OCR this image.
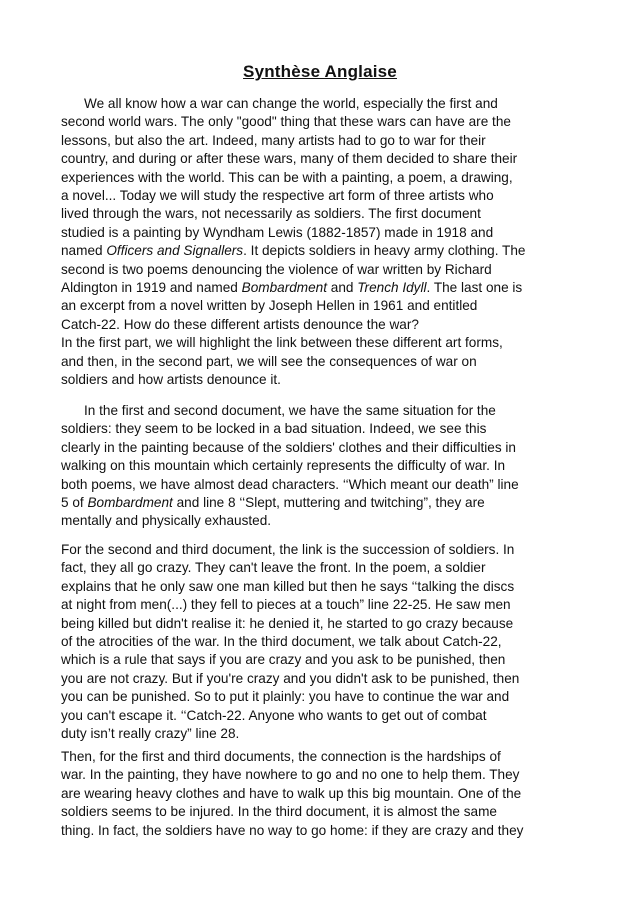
Synthèse Anglaise
We all know how a war can change the world, especially the first and
second world wars. The only "good" thing that these wars can have are the
lessons, but also the art. Indeed, many artists had to go to war for their
country, and during or after these wars, many of them decided to share their
experiences with the world. This can be with a painting, a poem, a drawing,
a novel... Today we will study the respective art form of three artists who
lived through the wars, not necessarily as soldiers. The first document
studied is a painting by Wyndham Lewis (1882-1857) made in 1918 and
named Officers and Signallers. It depicts soldiers in heavy army clothing. The
second is two poems denouncing the violence of war written by Richard
Aldington in 1919 and named Bombardment and Trench Idyll. The last one is
an excerpt from a novel written by Joseph Hellen in 1961 and entitled
Catch-22. How do these different artists denounce the war?
In the first part, we will highlight the link between these different art forms,
and then, in the second part, we will see the consequences of war on
soldiers and how artists denounce it.
In the first and second document, we have the same situation for the
soldiers: they seem to be locked in a bad situation. Indeed, we see this
clearly in the painting because of the soldiers' clothes and their difficulties in
walking on this mountain which certainly represents the difficulty of war. In
both poems, we have almost dead characters. ‘‘Which meant our death” line
5 of Bombardment and line 8 ‘‘Slept, muttering and twitching”, they are
mentally and physically exhausted.
For the second and third document, the link is the succession of soldiers. In
fact, they all go crazy. They can't leave the front. In the poem, a soldier
explains that he only saw one man killed but then he says ‘‘talking the discs
at night from men(...) they fell to pieces at a touch” line 22-25. He saw men
being killed but didn't realise it: he denied it, he started to go crazy because
of the atrocities of the war. In the third document, we talk about Catch-22,
which is a rule that says if you are crazy and you ask to be punished, then
you are not crazy. But if you're crazy and you didn't ask to be punished, then
you can be punished. So to put it plainly: you have to continue the war and
you can't escape it. ‘‘Catch-22. Anyone who wants to get out of combat
duty isn’t really crazy” line 28.
Then, for the first and third documents, the connection is the hardships of
war. In the painting, they have nowhere to go and no one to help them. They
are wearing heavy clothes and have to walk up this big mountain. One of the
soldiers seems to be injured. In the third document, it is almost the same
thing. In fact, the soldiers have no way to go home: if they are crazy and they
